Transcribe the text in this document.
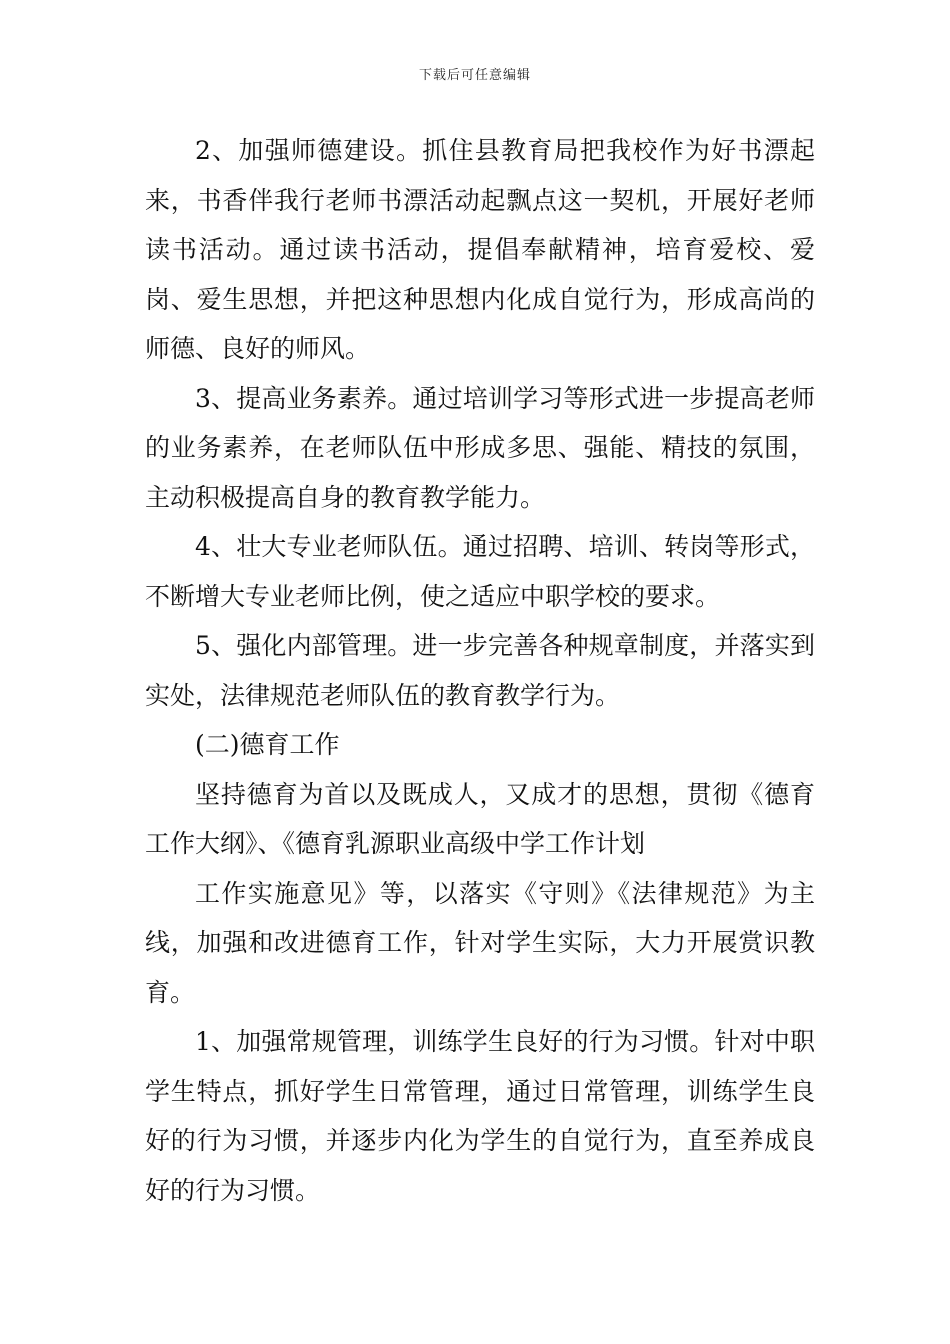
下载后可任意编辑

2、加强师德建设。抓住县教育局把我校作为好书漂起来，书香伴我行老师书漂活动起飘点这一契机，开展好老师读书活动。通过读书活动，提倡奉献精神，培育爱校、爱岗、爱生思想，并把这种思想内化成自觉行为，形成高尚的师德、良好的师风。

3、提高业务素养。通过培训学习等形式进一步提高老师的业务素养，在老师队伍中形成多思、强能、精技的氛围，主动积极提高自身的教育教学能力。

4、壮大专业老师队伍。通过招聘、培训、转岗等形式，不断增大专业老师比例，使之适应中职学校的要求。

5、强化内部管理。进一步完善各种规章制度，并落实到实处，法律规范老师队伍的教育教学行为。

(二)德育工作

坚持德育为首以及既成人，又成才的思想，贯彻《德育工作大纲》、《德育乳源职业高级中学工作计划

工作实施意见》等，以落实《守则》《法律规范》为主线，加强和改进德育工作，针对学生实际，大力开展赏识教育。

1、加强常规管理，训练学生良好的行为习惯。针对中职学生特点，抓好学生日常管理，通过日常管理，训练学生良好的行为习惯，并逐步内化为学生的自觉行为，直至养成良好的行为习惯。
